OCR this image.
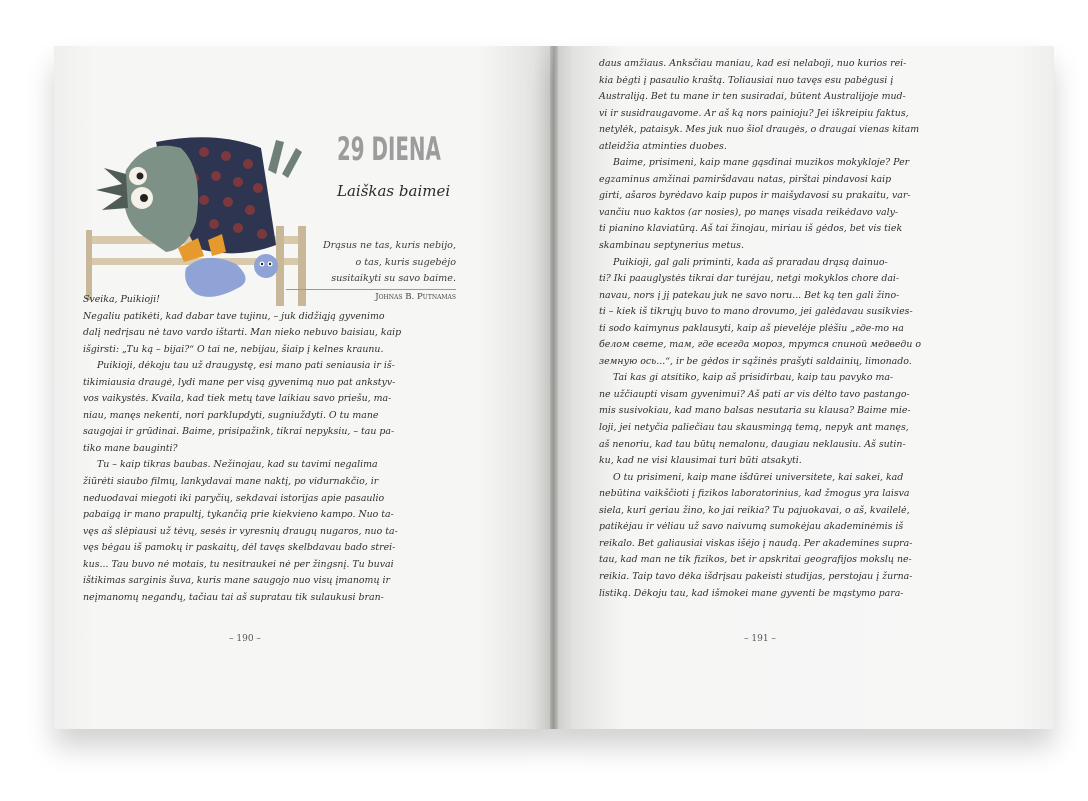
29 DIENA
Laiškas baimei
Drąsus ne tas, kuris nebijo,
o tas, kuris sugebėjo
susitaikyti su savo baime.
Johnas B. Putnamas
Sveika, Puikioji!
Negaliu patikėti, kad dabar tave tujinu, – juk didžiąją gyvenimo
dalį nedrįsau nė tavo vardo ištarti. Man nieko nebuvo baisiau, kaip
išgirsti: „Tu ką – bijai?“ O tai ne, nebijau, šiaip į kelnes kraunu.
Puikioji, dėkoju tau už draugystę, esi mano pati seniausia ir iš-
tikimiausia draugė, lydi mane per visą gyvenimą nuo pat ankstyv-
vos vaikystės. Kvaila, kad tiek metų tave laikiau savo priešu, ma-
niau, manęs nekenti, nori parklupdyti, sugniuždyti. O tu mane
saugojai ir grūdinai. Baime, prisipažink, tikrai nepyksiu, – tau pa-
tiko mane bauginti?
Tu – kaip tikras baubas. Nežinojau, kad su tavimi negalima
žiūrėti siaubo filmų, lankydavai mane naktį, po vidurnakčio, ir
neduodavai miegoti iki paryčių, sekdavai istorijas apie pasaulio
pabaigą ir mano prapultį, tykančią prie kiekvieno kampo. Nuo ta-
vęs aš slėpiausi už tėvų, sesės ir vyresnių draugų nugaros, nuo ta-
vęs bėgau iš pamokų ir paskaitų, dėl tavęs skelbdavau bado strei-
kus... Tau buvo nė motais, tu nesitraukei nė per žingsnį. Tu buvai
ištikimas sarginis šuva, kuris mane saugojo nuo visų įmanomų ir
neįmanomų negandų, tačiau tai aš supratau tik sulaukusi bran-
daus amžiaus. Anksčiau maniau, kad esi nelaboji, nuo kurios rei-
kia bėgti į pasaulio kraštą. Toliausiai nuo tavęs esu pabėgusi į
Australiją. Bet tu mane ir ten susiradai, būtent Australijoje mud-
vi ir susidraugavome. Ar aš ką nors painioju? Jei iškreipiu faktus,
netylėk, pataisyk. Mes juk nuo šiol draugės, o draugai vienas kitam
atleidžia atminties duobes.
Baime, prisimeni, kaip mane gąsdinai muzikos mokykloje? Per
egzaminus amžinai pamiršdavau natas, pirštai pindavosi kaip
girti, ašaros byrėdavo kaip pupos ir maišydavosi su prakaitu, var-
vančiu nuo kaktos (ar nosies), po manęs visada reikėdavo valy-
ti pianino klaviatūrą. Aš tai žinojau, miriau iš gėdos, bet vis tiek
skambinau septynerius metus.
Puikioji, gal gali priminti, kada aš praradau drąsą dainuo-
ti? Iki paauglystės tikrai dar turėjau, netgi mokyklos chore dai-
navau, nors į jį patekau juk ne savo noru... Bet ką ten gali žino-
ti – kiek iš tikrųjų buvo to mano drovumo, jei galėdavau susikvies-
ti sodo kaimynus paklausyti, kaip aš pievelėje plėšiu „где-то на
белом свете, там, где всегда мороз, трутся спиной медведи о
земную ось...“, ir be gėdos ir sąžinės prašyti saldainių, limonado.
Tai kas gi atsitiko, kaip aš prisidirbau, kaip tau pavyko ma-
ne užčiaupti visam gyvenimui? Aš pati ar vis dėlto tavo pastango-
mis susivokiau, kad mano balsas nesutaria su klausa? Baime mie-
loji, jei netyčia paliečiau tau skausmingą temą, nepyk ant manęs,
aš nenoriu, kad tau būtų nemalonu, daugiau neklausiu. Aš sutin-
ku, kad ne visi klausimai turi būti atsakyti.
O tu prisimeni, kaip mane išdūrei universitete, kai sakei, kad
nebūtina vaikščioti į fizikos laboratorinius, kad žmogus yra laisva
siela, kuri geriau žino, ko jai reikia? Tu pajuokavai, o aš, kvailelė,
patikėjau ir vėliau už savo naivumą sumokėjau akademinėmis iš
reikalo. Bet galiausiai viskas išėjo į naudą. Per akademines supra-
tau, kad man ne tik fizikos, bet ir apskritai geografijos mokslų ne-
reikia. Taip tavo dėka išdrįsau pakeisti studijas, perstojau į žurna-
listiką. Dėkoju tau, kad išmokei mane gyventi be mąstymo para-
– 190 –	– 191 –
